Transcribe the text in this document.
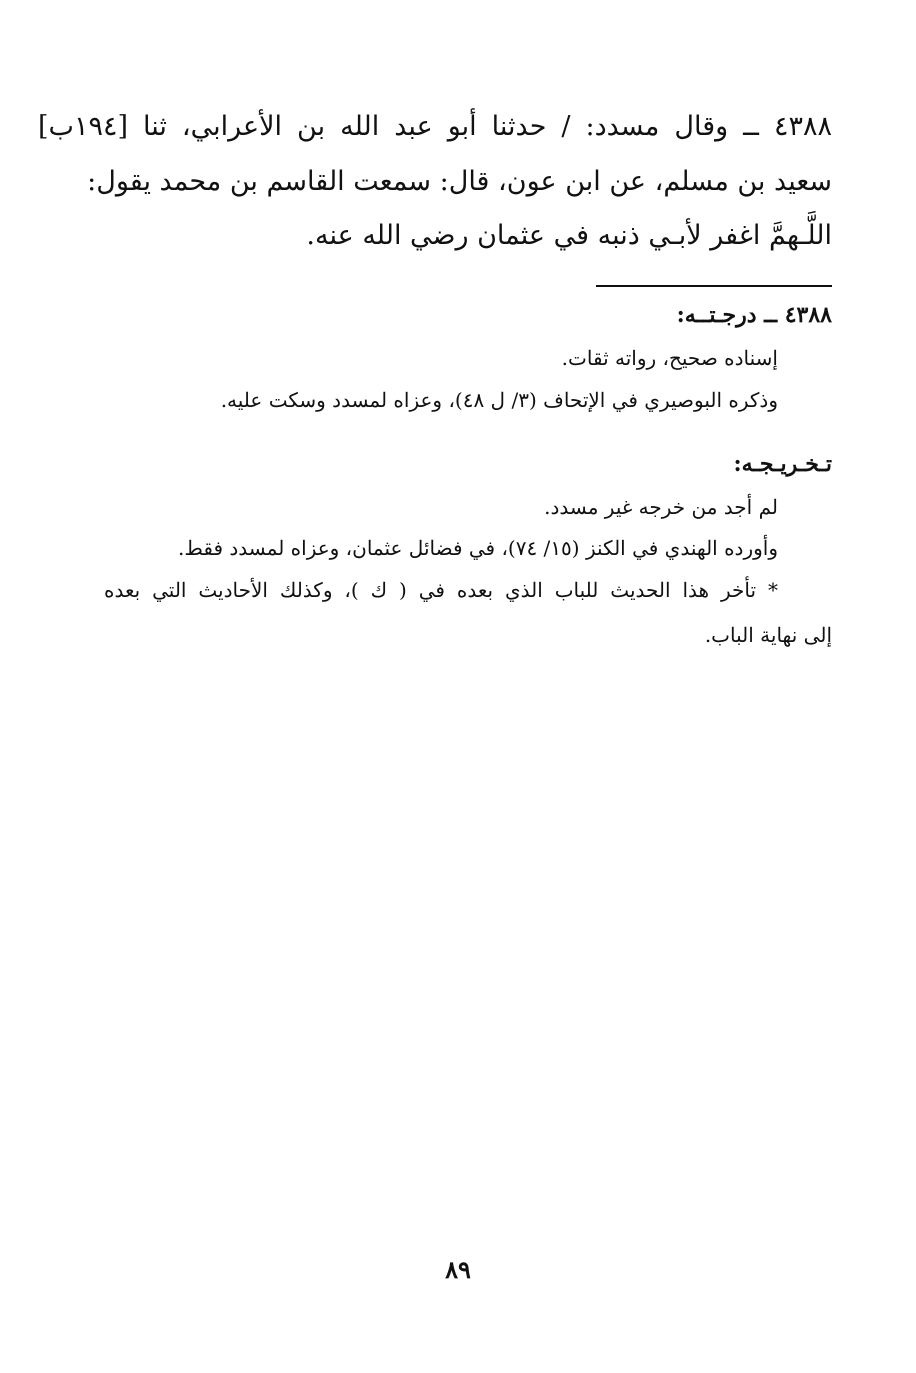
٤٣٨٨ ــ وقال مسدد: / حدثنا أبو عبد الله بن الأعرابي، ثنا [١٩٤ب]
سعيد بن مسلم، عن ابن عون، قال: سمعت القاسم بن محمد يقول:
اللَّـهمَّ اغفر لأبـي ذنبه في عثمان رضي الله عنه.
٤٣٨٨ ــ درجـتــه:
إسناده صحيح، رواته ثقات.
وذكره البوصيري في الإتحاف (٣/ ل ٤٨)، وعزاه لمسدد وسكت عليه.
تـخـريـجـه:
لم أجد من خرجه غير مسدد.
وأورده الهندي في الكنز (١٥/ ٧٤)، في فضائل عثمان، وعزاه لمسدد فقط.
* تأخر هذا الحديث للباب الذي بعده في ( ك )، وكذلك الأحاديث التي بعده
إلى نهاية الباب.
٨٩
